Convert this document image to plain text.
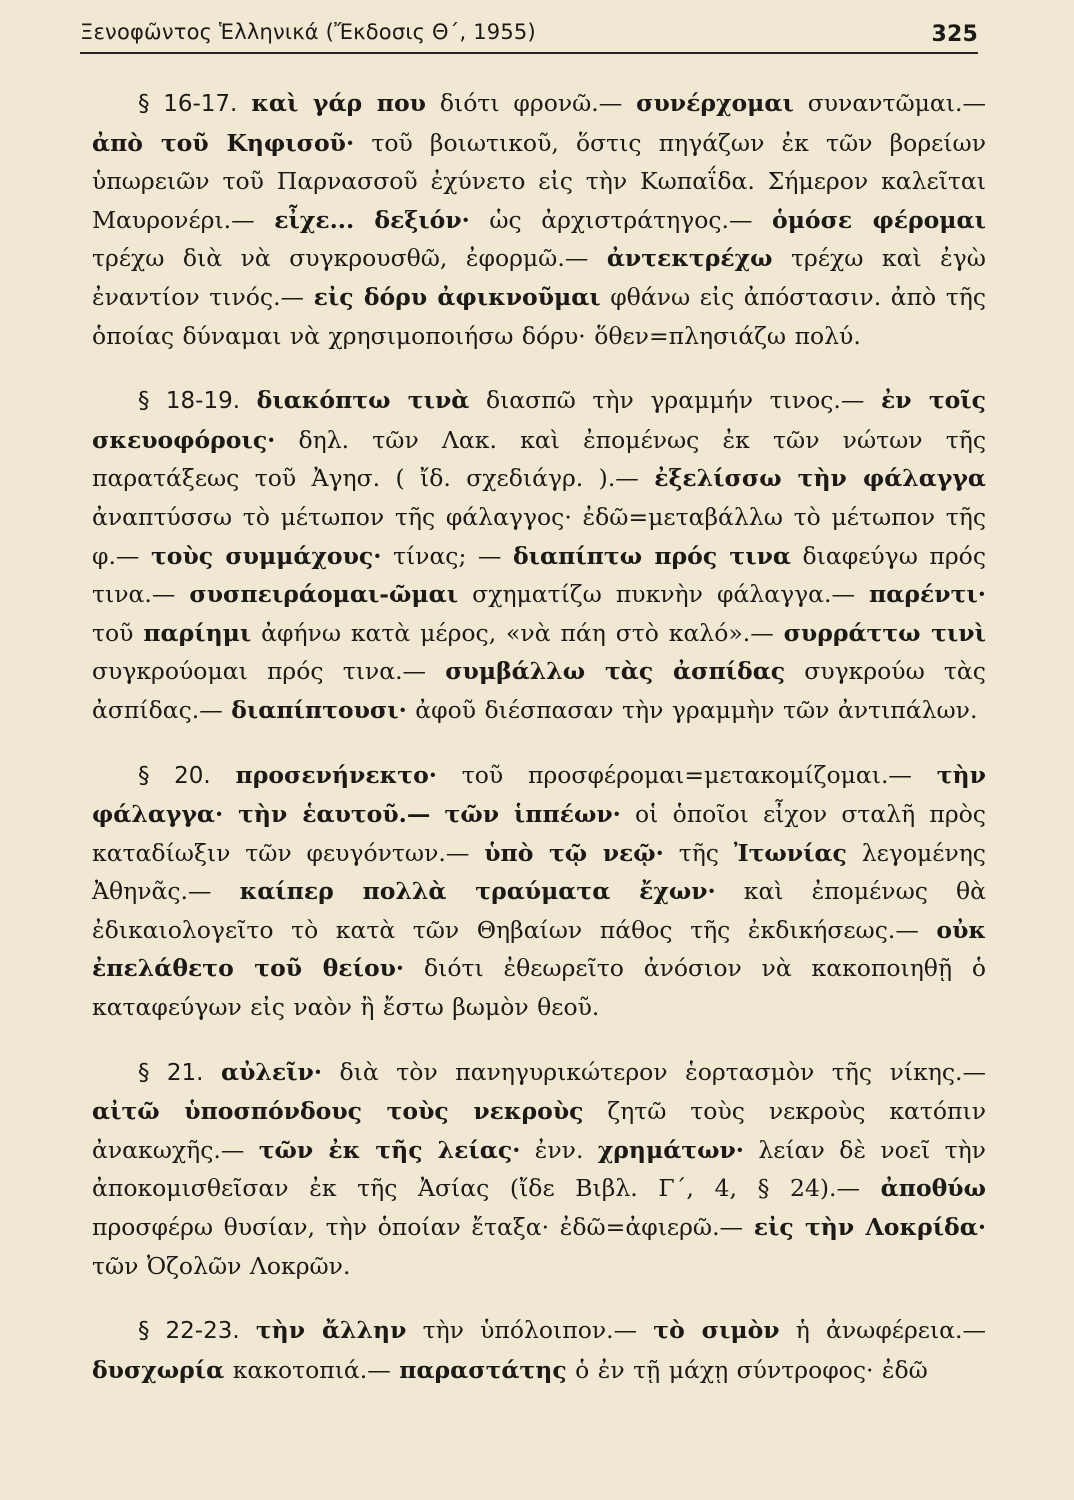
Ξενοφῶντος Ἑλληνικά (Ἔκδοσις Θ΄, 1955)	325

§ 16-17. καὶ γάρ που διότι φρονῶ.— συνέρχομαι συναντῶμαι.— ἀπὸ τοῦ Κηφισοῦ· τοῦ βοιωτικοῦ, ὅστις πηγάζων ἐκ τῶν βορείων ὑπωρειῶν τοῦ Παρνασσοῦ ἐχύνετο εἰς τὴν Κωπαΐδα. Σήμερον καλεῖται Μαυρονέρι.— εἶχε... δεξιόν· ὡς ἀρχιστράτηγος.— ὁμόσε φέρομαι τρέχω διὰ νὰ συγκρουσθῶ, ἐφορμῶ.— ἀντεκτρέχω τρέχω καὶ ἐγὼ ἐναντίον τινός.— εἰς δόρυ ἀφικνοῦμαι φθάνω εἰς ἀπόστασιν. ἀπὸ τῆς ὁποίας δύναμαι νὰ χρησιμοποιήσω δόρυ· ὅθεν=πλησιάζω πολύ.

§ 18-19. διακόπτω τινὰ διασπῶ τὴν γραμμήν τινος.— ἐν τοῖς σκευοφόροις· δηλ. τῶν Λακ. καὶ ἐπομένως ἐκ τῶν νώτων τῆς παρατάξεως τοῦ Ἀγησ. ( ἴδ. σχεδιάγρ. ).— ἐξελίσσω τὴν φάλαγγα ἀναπτύσσω τὸ μέτωπον τῆς φάλαγγος· ἐδῶ=μεταβάλλω τὸ μέτωπον τῆς φ.— τοὺς συμμάχους· τίνας; — διαπίπτω πρός τινα διαφεύγω πρός τινα.— συσπειράομαι-ῶμαι σχηματίζω πυκνὴν φάλαγγα.— παρέντι· τοῦ παρίημι ἀφήνω κατὰ μέρος, «νὰ πάη στὸ καλό».— συρράττω τινὶ συγκρούομαι πρός τινα.— συμβάλλω τὰς ἀσπίδας συγκρούω τὰς ἀσπίδας.— διαπίπτουσι· ἀφοῦ διέσπασαν τὴν γραμμὴν τῶν ἀντιπάλων.

§ 20. προσενήνεκτο· τοῦ προσφέρομαι=μετακομίζομαι.— τὴν φάλαγγα· τὴν ἑαυτοῦ.— τῶν ἱππέων· οἱ ὁποῖοι εἶχον σταλῆ πρὸς καταδίωξιν τῶν φευγόντων.— ὑπὸ τῷ νεῷ· τῆς Ἰτωνίας λεγομένης Ἀθηνᾶς.— καίπερ πολλὰ τραύματα ἔχων· καὶ ἐπομένως θὰ ἐδικαιολογεῖτο τὸ κατὰ τῶν Θηβαίων πάθος τῆς ἐκδικήσεως.— οὐκ ἐπελάθετο τοῦ θείου· διότι ἐθεωρεῖτο ἀνόσιον νὰ κακοποιηθῇ ὁ καταφεύγων εἰς ναὸν ἢ ἔστω βωμὸν θεοῦ.

§ 21. αὐλεῖν· διὰ τὸν πανηγυρικώτερον ἑορτασμὸν τῆς νίκης.— αἰτῶ ὑποσπόνδους τοὺς νεκροὺς ζητῶ τοὺς νεκροὺς κατόπιν ἀνακωχῆς.— τῶν ἐκ τῆς λείας· ἐνν. χρημάτων· λείαν δὲ νοεῖ τὴν ἀποκομισθεῖσαν ἐκ τῆς Ἀσίας (ἴδε Βιβλ. Γ΄, 4, § 24).— ἀποθύω προσφέρω θυσίαν, τὴν ὁποίαν ἔταξα· ἐδῶ=ἀφιερῶ.— εἰς τὴν Λοκρίδα· τῶν Ὀζολῶν Λοκρῶν.

§ 22-23. τὴν ἄλλην τὴν ὑπόλοιπον.— τὸ σιμὸν ἡ ἀνωφέρεια.— δυσχωρία κακοτοπιά.— παραστάτης ὁ ἐν τῇ μάχῃ σύντροφος· ἐδῶ
